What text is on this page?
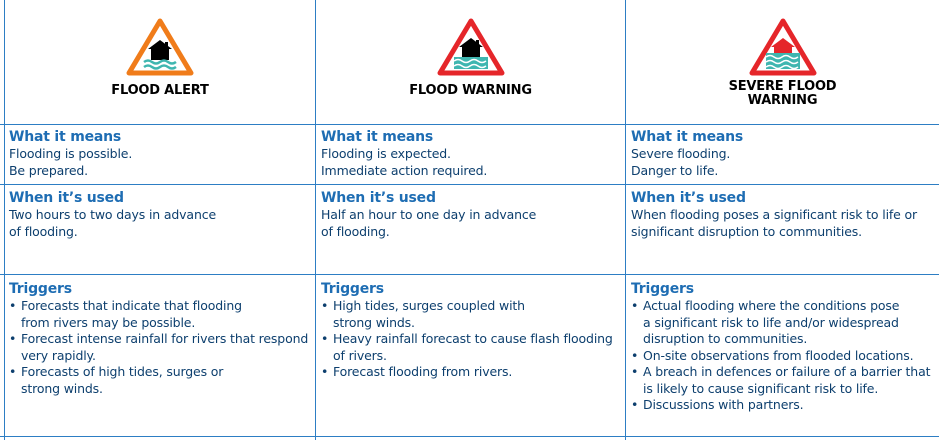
FLOOD ALERT	FLOOD WARNING	SEVERE FLOOD
WARNING
What it means
Flooding is possible.
Be prepared.
What it means
Flooding is expected.
Immediate action required.
What it means
Severe flooding.
Danger to life.
When it’s used
Two hours to two days in advance
of flooding.
When it’s used
Half an hour to one day in advance
of flooding.
When it’s used
When flooding poses a significant risk to life or
significant disruption to communities.
Triggers
• Forecasts that indicate that flooding
from rivers may be possible.
• Forecast intense rainfall for rivers that respond
very rapidly.
• Forecasts of high tides, surges or
strong winds.
Triggers
• High tides, surges coupled with
strong winds.
• Heavy rainfall forecast to cause flash flooding
of rivers.
• Forecast flooding from rivers.
Triggers
• Actual flooding where the conditions pose
a significant risk to life and/or widespread
disruption to communities.
• On-site observations from flooded locations.
• A breach in defences or failure of a barrier that
is likely to cause significant risk to life.
• Discussions with partners.
